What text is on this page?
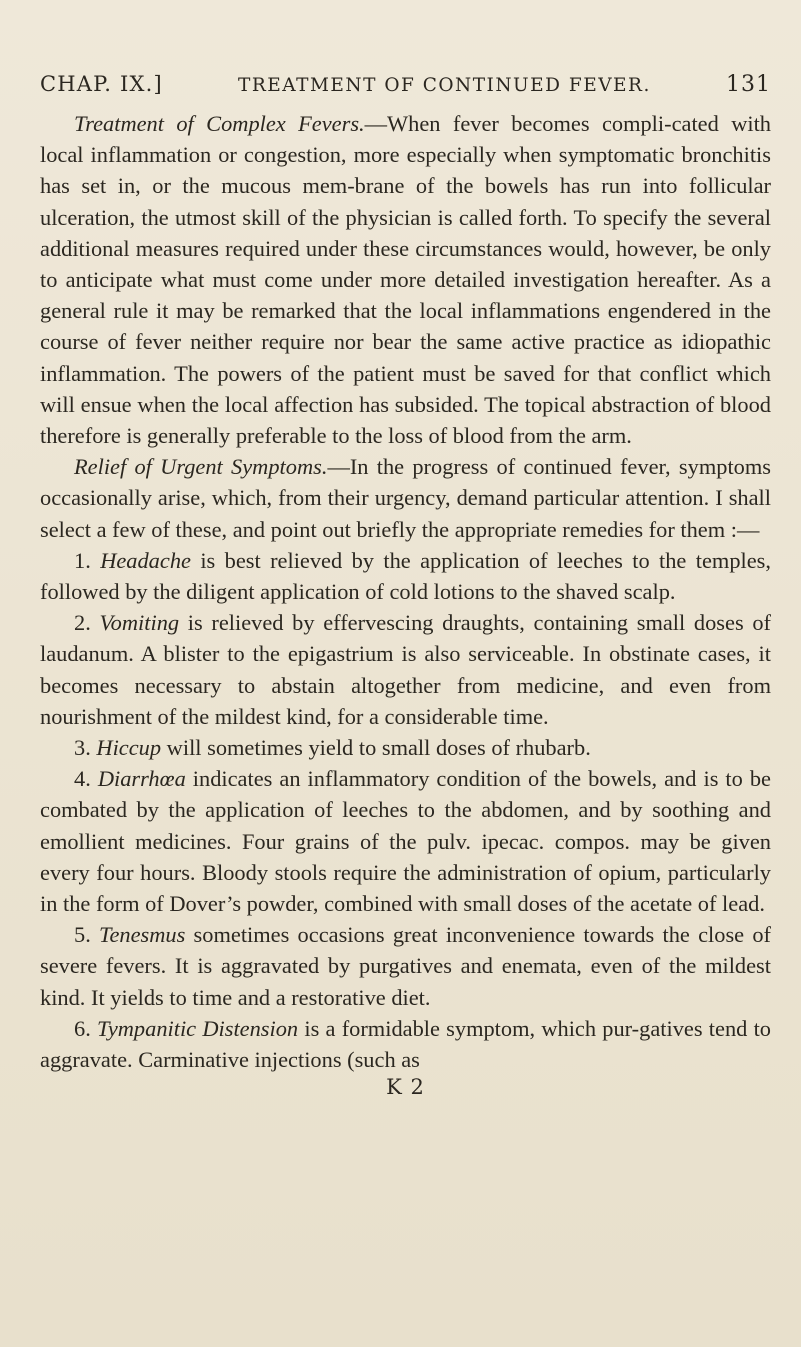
CHAP. IX.]	TREATMENT OF CONTINUED FEVER.	131

Treatment of Complex Fevers.—When fever becomes compli-cated with local inflammation or congestion, more especially when symptomatic bronchitis has set in, or the mucous mem-brane of the bowels has run into follicular ulceration, the utmost skill of the physician is called forth. To specify the several additional measures required under these circumstances would, however, be only to anticipate what must come under more detailed investigation hereafter. As a general rule it may be remarked that the local inflammations engendered in the course of fever neither require nor bear the same active practice as idiopathic inflammation. The powers of the patient must be saved for that conflict which will ensue when the local affection has subsided. The topical abstraction of blood therefore is generally preferable to the loss of blood from the arm.

Relief of Urgent Symptoms.—In the progress of continued fever, symptoms occasionally arise, which, from their urgency, demand particular attention. I shall select a few of these, and point out briefly the appropriate remedies for them :—

1. Headache is best relieved by the application of leeches to the temples, followed by the diligent application of cold lotions to the shaved scalp.

2. Vomiting is relieved by effervescing draughts, containing small doses of laudanum. A blister to the epigastrium is also serviceable. In obstinate cases, it becomes necessary to abstain altogether from medicine, and even from nourishment of the mildest kind, for a considerable time.

3. Hiccup will sometimes yield to small doses of rhubarb.

4. Diarrhœa indicates an inflammatory condition of the bowels, and is to be combated by the application of leeches to the abdomen, and by soothing and emollient medicines. Four grains of the pulv. ipecac. compos. may be given every four hours. Bloody stools require the administration of opium, particularly in the form of Dover’s powder, combined with small doses of the acetate of lead.

5. Tenesmus sometimes occasions great inconvenience towards the close of severe fevers. It is aggravated by purgatives and enemata, even of the mildest kind. It yields to time and a restorative diet.

6. Tympanitic Distension is a formidable symptom, which pur-gatives tend to aggravate. Carminative injections (such as

K 2
